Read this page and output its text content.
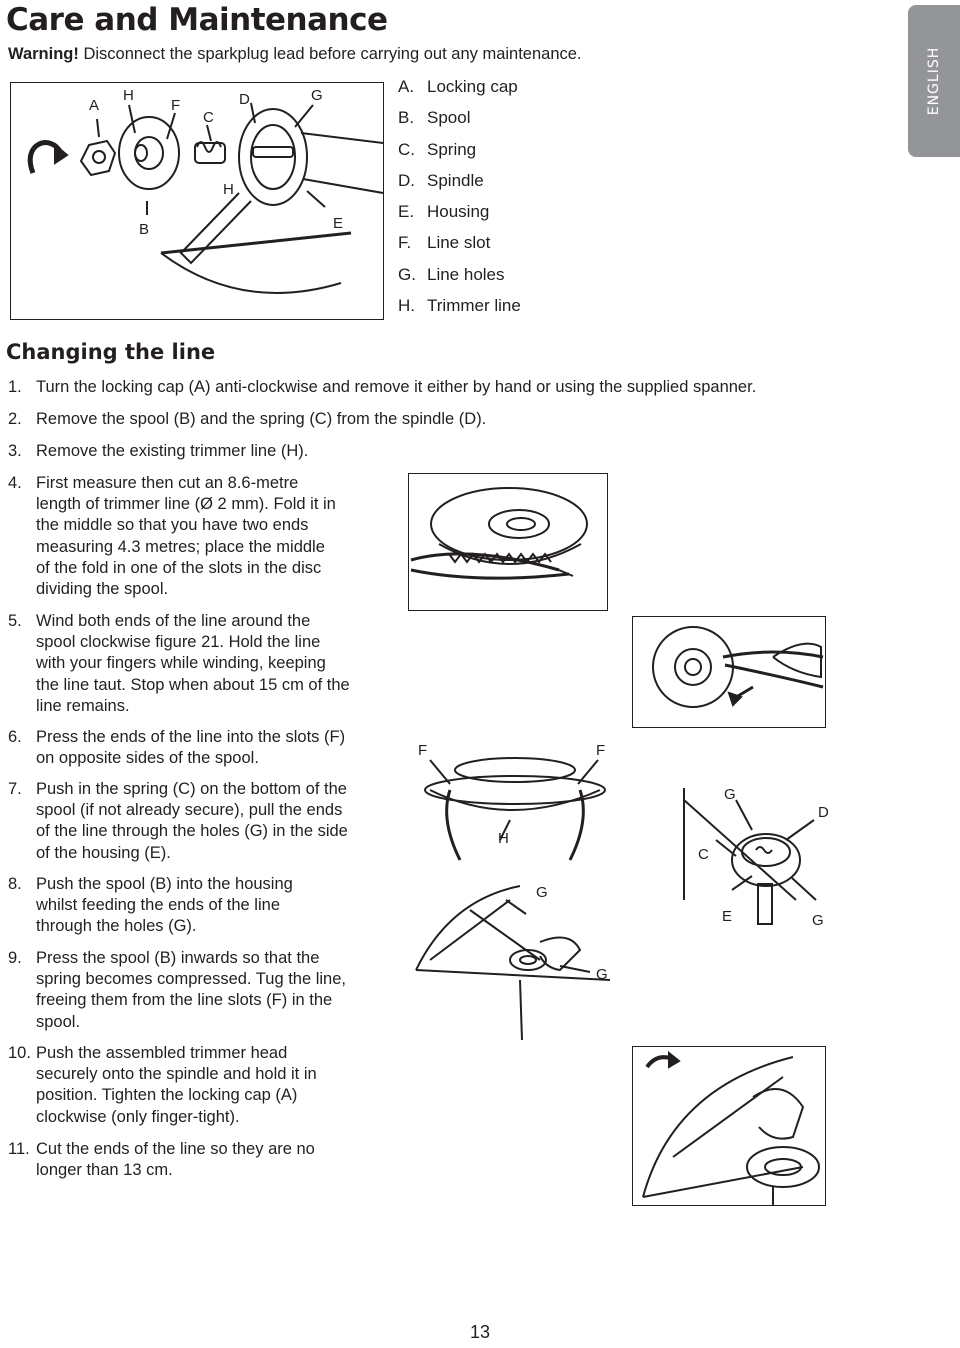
Care and Maintenance
Warning! Disconnect the sparkplug lead before carrying out any maintenance.	ENGLISH
A
H
F
C
D	G
B
H
E
A. Locking cap
B. Spool
C. Spring
D. Spindle
E. Housing
F. Line slot
G. Line holes
H. Trimmer line
Changing the line
1. Turn the locking cap (A) anti-clockwise and remove it either by hand or using the supplied spanner.
2. Remove the spool (B) and the spring (C) from the spindle (D).
3. Remove the existing trimmer line (H).
4. First measure then cut an 8.6-metre length of trimmer line (Ø 2 mm). Fold it in the middle so that you have two ends measuring 4.3 metres; place the middle of the fold in one of the slots in the disc dividing the spool.
5. Wind both ends of the line around the spool clockwise figure 21. Hold the line with your fingers while winding, keeping the line taut. Stop when about 15 cm of the line remains.
6. Press the ends of the line into the slots (F) on opposite sides of the spool.
7. Push in the spring (C) on the bottom of the spool (if not already secure), pull the ends of the line through the holes (G) in the side of the housing (E).
8. Push the spool (B) into the housing whilst feeding the ends of the line through the holes (G).
9. Press the spool (B) inwards so that the spring becomes compressed. Tug the line, freeing them from the line slots (F) in the spool.
10. Push the assembled trimmer head securely onto the spindle and hold it in position. Tighten the locking cap (A) clockwise (only finger-tight).
11. Cut the ends of the line so they are no longer than 13 cm.
F	F
H
G
D
C
E	G
G
G
13
